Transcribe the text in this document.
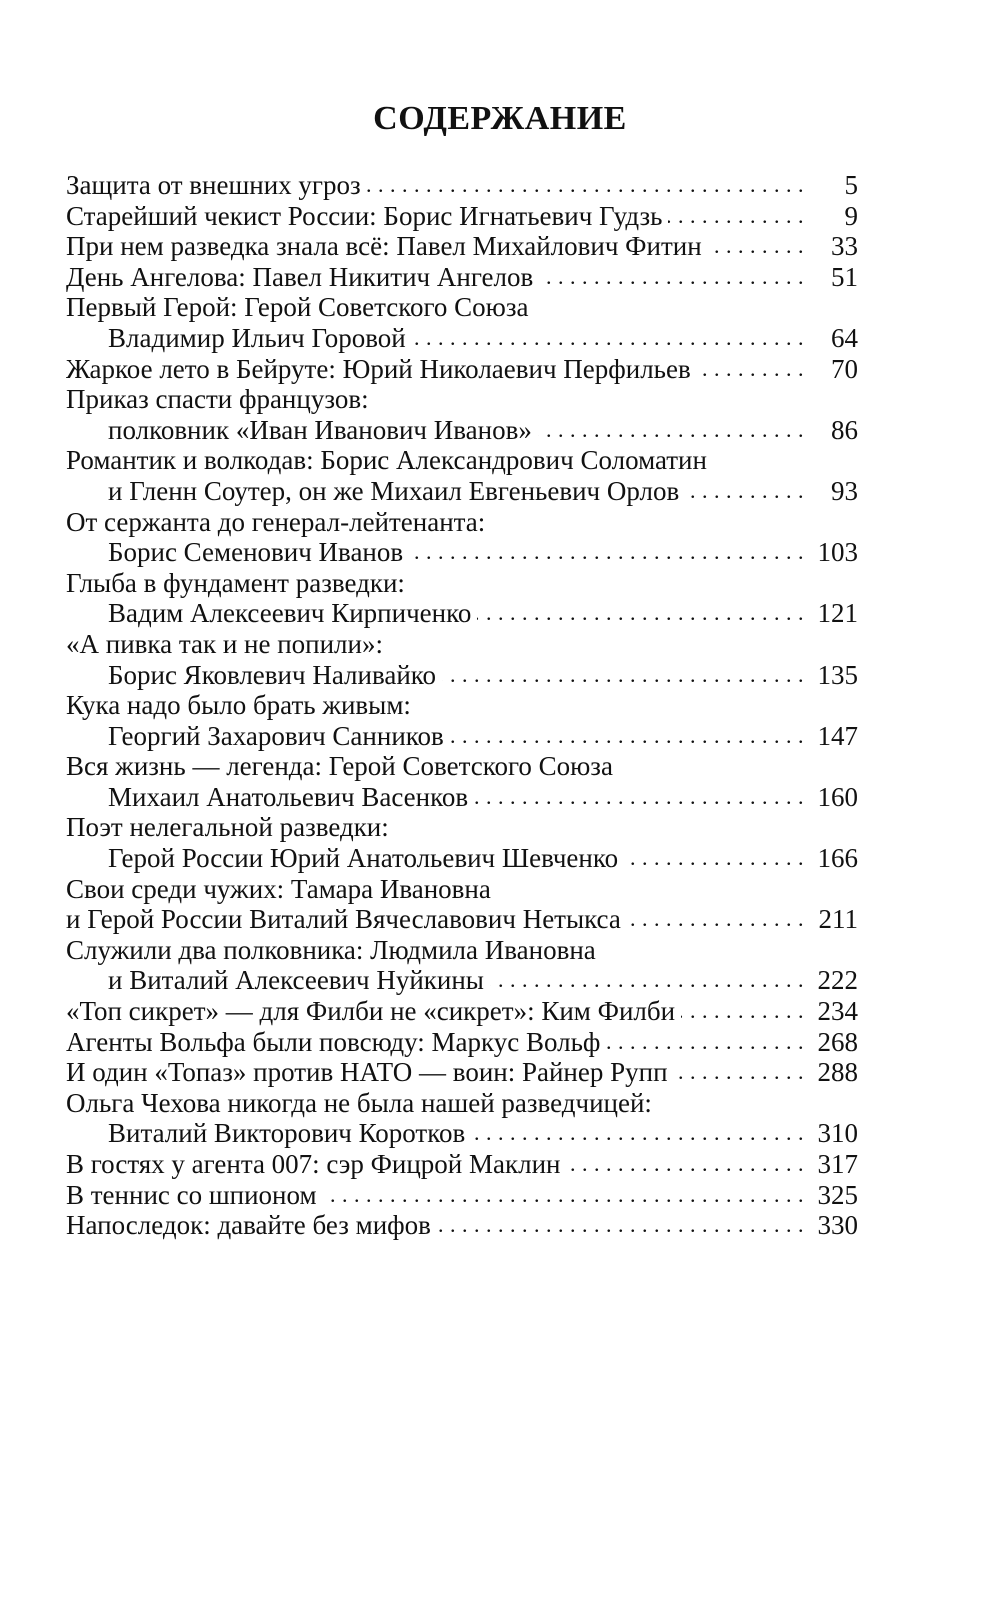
СОДЕРЖАНИЕ
Защита от внешних угроз . . .	5
Старейший чекист России: Борис Игнатьевич Гудзь . . .	9
При нем разведка знала всё: Павел Михайлович Фитин . . .	33
День Ангелова: Павел Никитич Ангелов . . .	51
Первый Герой: Герой Советского Союза
Владимир Ильич Горовой . . .	64
Жаркое лето в Бейруте: Юрий Николаевич Перфильев . . .	70
Приказ спасти французов:
полковник «Иван Иванович Иванов» . . .	86
Романтик и волкодав: Борис Александрович Соломатин
и Гленн Соутер, он же Михаил Евгеньевич Орлов . . .	93
От сержанта до генерал-лейтенанта:
Борис Семенович Иванов . . .	103
Глыба в фундамент разведки:
Вадим Алексеевич Кирпиченко . . .	121
«А пивка так и не попили»:
Борис Яковлевич Наливайко . . .	135
Кука надо было брать живым:
Георгий Захарович Санников . . .	147
Вся жизнь — легенда: Герой Советского Союза
Михаил Анатольевич Васенков . . .	160
Поэт нелегальной разведки:
Герой России Юрий Анатольевич Шевченко . . .	166
Свои среди чужих: Тамара Ивановна
и Герой России Виталий Вячеславович Нетыкса . . .	211
Служили два полковника: Людмила Ивановна
и Виталий Алексеевич Нуйкины . . .	222
«Топ сикрет» — для Филби не «сикрет»: Ким Филби . . .	234
Агенты Вольфа были повсюду: Маркус Вольф . . .	268
И один «Топаз» против НАТО — воин: Райнер Рупп . . .	288
Ольга Чехова никогда не была нашей разведчицей:
Виталий Викторович Коротков . . .	310
В гостях у агента 007: сэр Фицрой Маклин . . .	317
В теннис со шпионом . . .	325
Напоследок: давайте без мифов . . .	330
